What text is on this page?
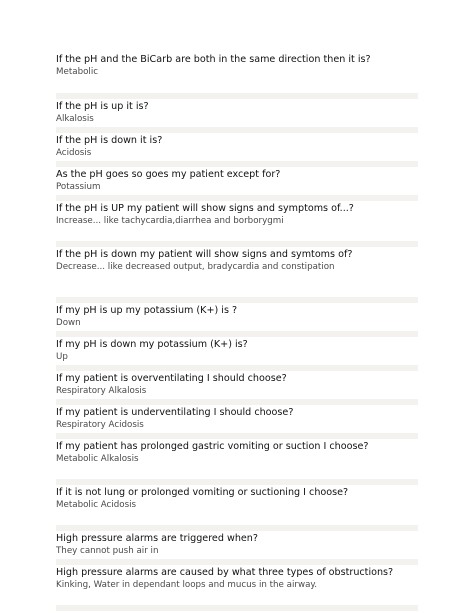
If the pH and the BiCarb are both in the same direction then it is?
Metabolic
If the pH is up it is?
Alkalosis
If the pH is down it is?
Acidosis
As the pH goes so goes my patient except for?
Potassium
If the pH is UP my patient will show signs and symptoms of...?
Increase... like tachycardia,diarrhea and borborygmi
If the pH is down my patient will show signs and symtoms of?
Decrease... like decreased output, bradycardia and constipation
If my pH is up my potassium (K+) is ?
Down
If my pH is down my potassium (K+) is?
Up
If my patient is overventilating I should choose?
Respiratory Alkalosis
If my patient is underventilating I should choose?
Respiratory Acidosis
If my patient has prolonged gastric vomiting or suction I choose?
Metabolic Alkalosis
If it is not lung or prolonged vomiting or suctioning I choose?
Metabolic Acidosis
High pressure alarms are triggered when?
They cannot push air in
High pressure alarms are caused by what three types of obstructions?
Kinking, Water in dependant loops and mucus in the airway.
